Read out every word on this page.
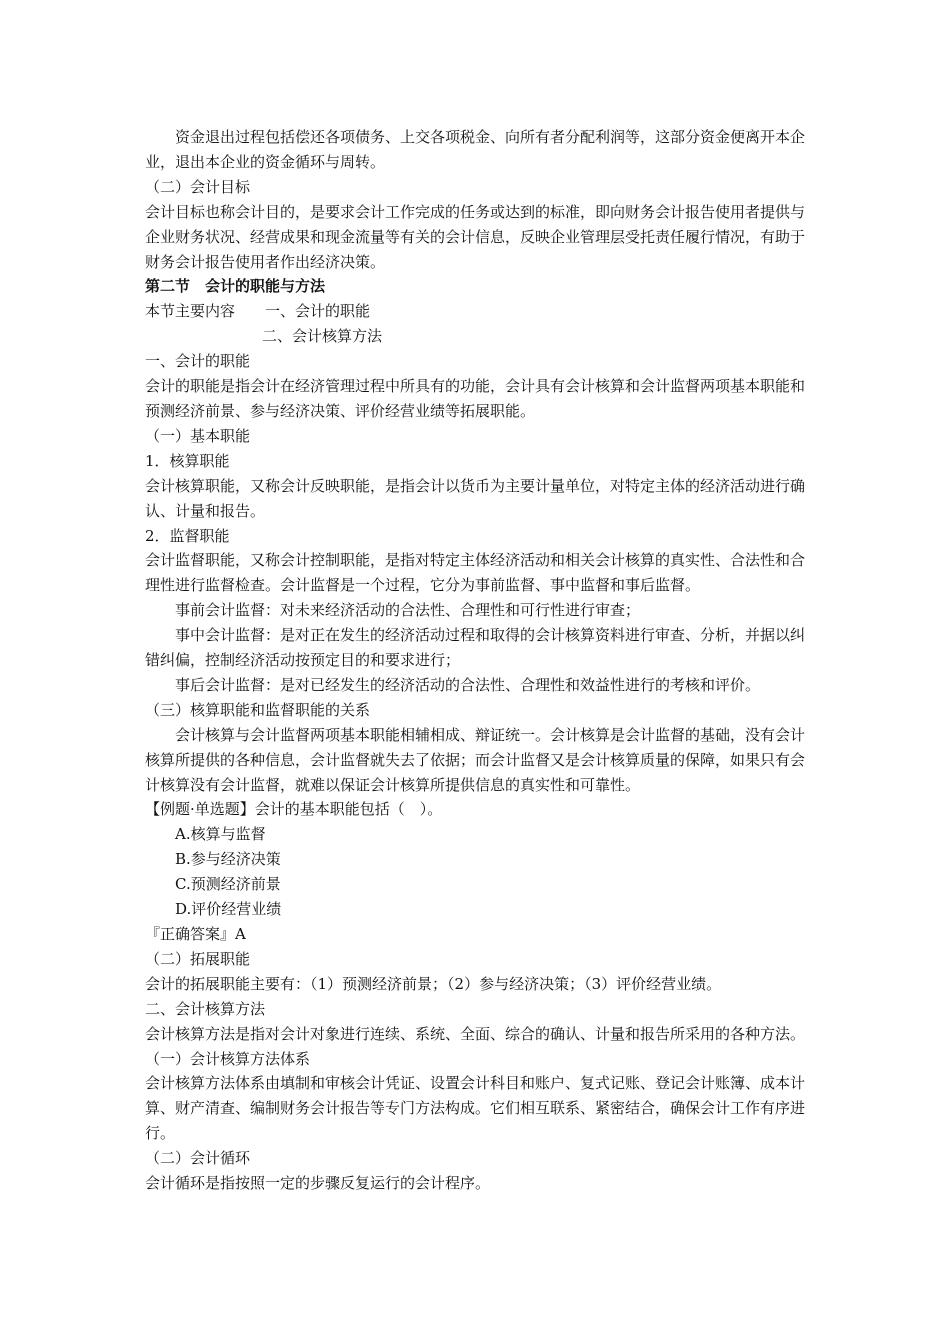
资金退出过程包括偿还各项债务、上交各项税金、向所有者分配利润等，这部分资金便离开本企业，退出本企业的资金循环与周转。

（二）会计目标

会计目标也称会计目的，是要求会计工作完成的任务或达到的标准，即向财务会计报告使用者提供与企业财务状况、经营成果和现金流量等有关的会计信息，反映企业管理层受托责任履行情况，有助于财务会计报告使用者作出经济决策。

第二节　会计的职能与方法

本节主要内容　　 一、会计的职能

二、会计核算方法

一、会计的职能

会计的职能是指会计在经济管理过程中所具有的功能，会计具有会计核算和会计监督两项基本职能和预测经济前景、参与经济决策、评价经营业绩等拓展职能。

（一）基本职能

1．核算职能

会计核算职能，又称会计反映职能，是指会计以货币为主要计量单位，对特定主体的经济活动进行确认、计量和报告。

2．监督职能

会计监督职能，又称会计控制职能，是指对特定主体经济活动和相关会计核算的真实性、合法性和合理性进行监督检查。会计监督是一个过程，它分为事前监督、事中监督和事后监督。

事前会计监督：对未来经济活动的合法性、合理性和可行性进行审查；

事中会计监督：是对正在发生的经济活动过程和取得的会计核算资料进行审查、分析，并据以纠错纠偏，控制经济活动按预定目的和要求进行；

事后会计监督：是对已经发生的经济活动的合法性、合理性和效益性进行的考核和评价。

（三）核算职能和监督职能的关系

会计核算与会计监督两项基本职能相辅相成、辩证统一。会计核算是会计监督的基础，没有会计核算所提供的各种信息，会计监督就失去了依据；而会计监督又是会计核算质量的保障，如果只有会计核算没有会计监督，就难以保证会计核算所提供信息的真实性和可靠性。

【例题·单选题】会计的基本职能包括（　）。

A.核算与监督

B.参与经济决策

C.预测经济前景

D.评价经营业绩

『正确答案』A

（二）拓展职能

会计的拓展职能主要有：（1）预测经济前景；（2）参与经济决策；（3）评价经营业绩。

二、会计核算方法

会计核算方法是指对会计对象进行连续、系统、全面、综合的确认、计量和报告所采用的各种方法。

（一）会计核算方法体系

会计核算方法体系由填制和审核会计凭证、设置会计科目和账户、复式记账、登记会计账簿、成本计算、财产清查、编制财务会计报告等专门方法构成。它们相互联系、紧密结合，确保会计工作有序进行。

（二）会计循环

会计循环是指按照一定的步骤反复运行的会计程序。
